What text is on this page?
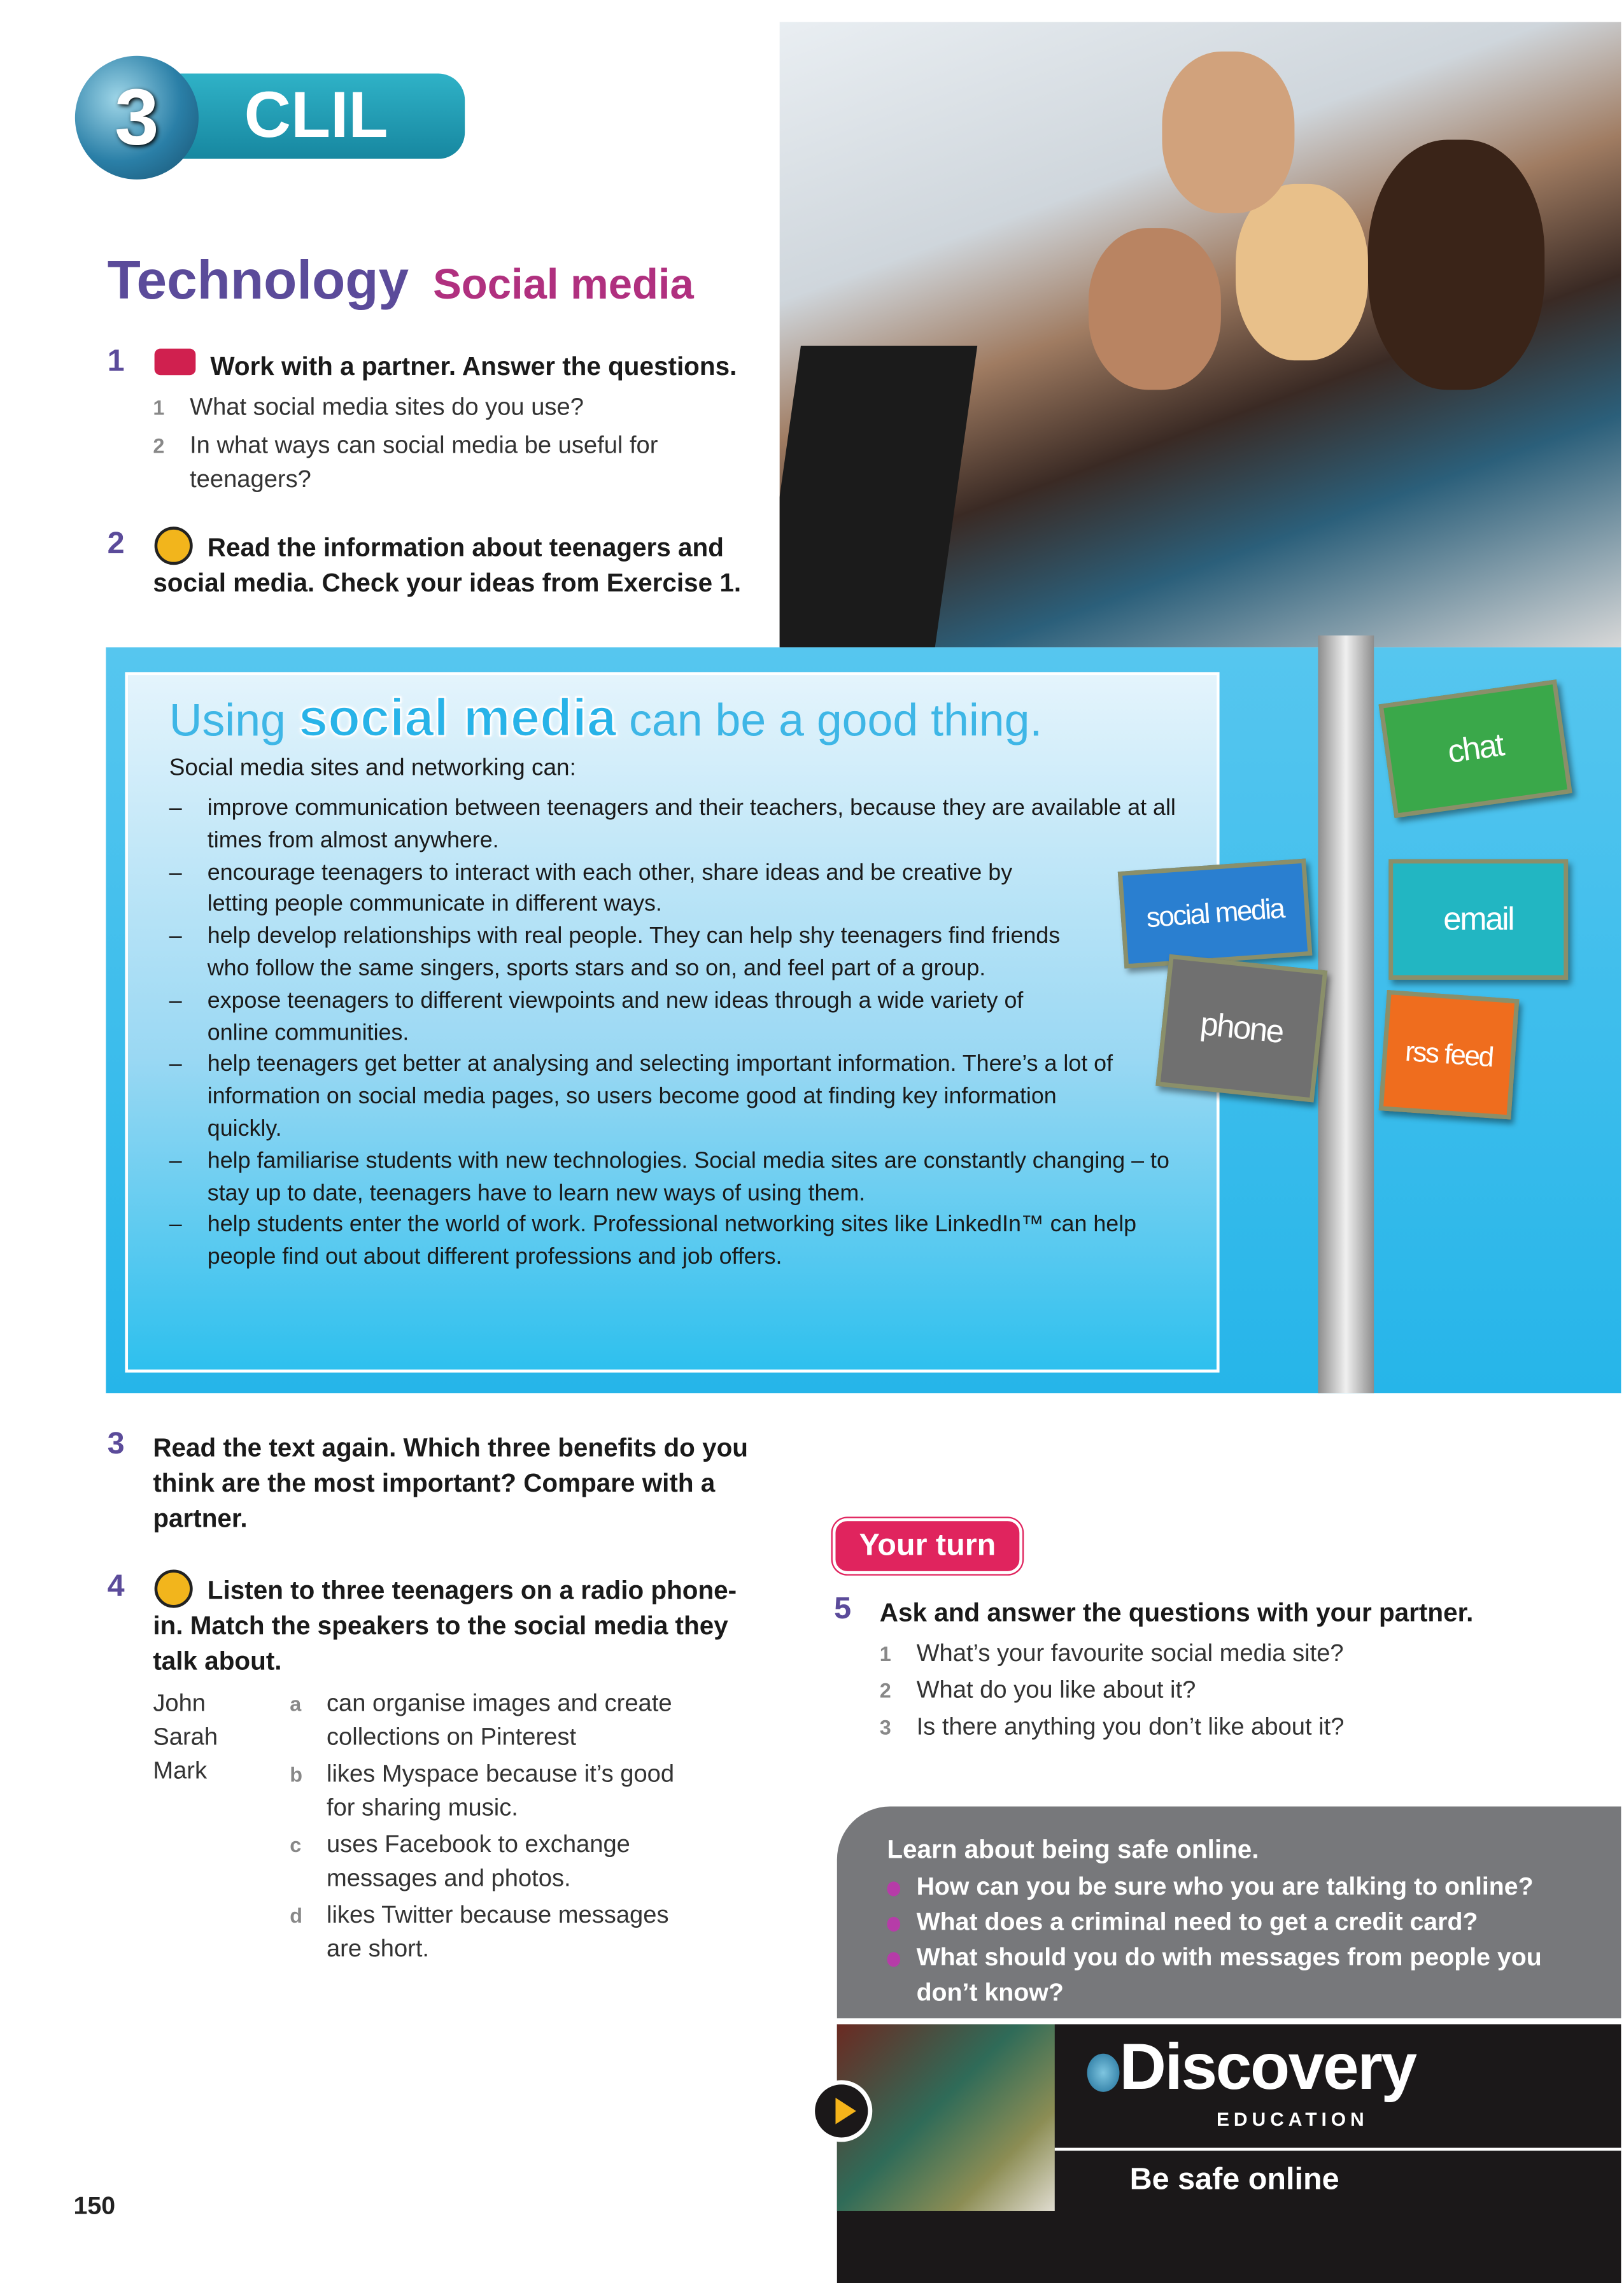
CLIL
3
Technology Social media
1	Work with a partner. Answer the questions.
1	What social media sites do you use?
2	In what ways can social media be useful for teenagers?
2	Read the information about teenagers and social media. Check your ideas from Exercise 1.
Using social media can be a good thing.
Social media sites and networking can:
– improve communication between teenagers and their teachers, because they are available at all times from almost anywhere.
– encourage teenagers to interact with each other, share ideas and be creative by letting people communicate in different ways.
– help develop relationships with real people. They can help shy teenagers find friends who follow the same singers, sports stars and so on, and feel part of a group.
– expose teenagers to different viewpoints and new ideas through a wide variety of online communities.
– help teenagers get better at analysing and selecting important information. There’s a lot of information on social media pages, so users become good at finding key information quickly.
– help familiarise students with new technologies. Social media sites are constantly changing – to stay up to date, teenagers have to learn new ways of using them.
– help students enter the world of work. Professional networking sites like LinkedIn™ can help people find out about different professions and job offers.
chat
social media	email
phone
rss feed
3	Read the text again. Which three benefits do you think are the most important? Compare with a partner.
4	Listen to three teenagers on a radio phone-in. Match the speakers to the social media they talk about.
John
Sarah
Mark
a	can organise images and create collections on Pinterest
b	likes Myspace because it’s good for sharing music.
c	uses Facebook to exchange messages and photos.
d	likes Twitter because messages are short.
Your turn
5	Ask and answer the questions with your partner.
1	What’s your favourite social media site?
2	What do you like about it?
3	Is there anything you don’t like about it?
Learn about being safe online.
How can you be sure who you are talking to online?
What does a criminal need to get a credit card?
What should you do with messages from people you don’t know?
Discovery
EDUCATION
Be safe online
150
